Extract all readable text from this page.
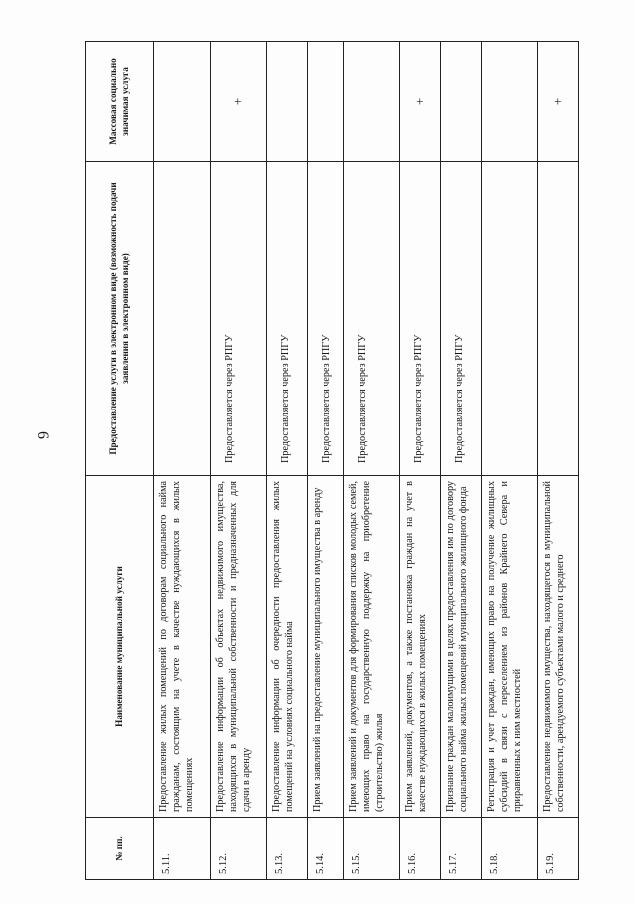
6
№ пп.	Наименование муниципальной услуги	Предоставление услуги в электронном виде (возможность подачи заявления в электронном виде)	Массовая социально значимая услуга
5.11.	Предоставление жилых помещений по договорам социального найма гражданам, состоящим на учете в качестве нуждающихся в жилых помещениях		
5.12.	Предоставление информации об объектах недвижимого имущества, находящихся в муниципальной собственности и предназначенных для сдачи в аренду	Предоставляется через РПГУ	+
5.13.	Предоставление информации об очередности предоставления жилых помещений на условиях социального найма	Предоставляется через РПГУ	
5.14.	Прием заявлений на предоставление муниципального имущества в аренду	Предоставляется через РПГУ	
5.15.	Прием заявлений и документов для формирования списков молодых семей, имеющих право на государственную поддержку на приобретение (строительство) жилья	Предоставляется через РПГУ	
5.16.	Прием заявлений, документов, а также постановка граждан на учет в качестве нуждающихся в жилых помещениях	Предоставляется через РПГУ	+
5.17.	Признание граждан малоимущими в целях предоставления им по договору социального найма жилых помещений муниципального жилищного фонда	Предоставляется через РПГУ	
5.18.	Регистрация и учет граждан, имеющих право на получение жилищных субсидий в связи с переселением из районов Крайнего Севера и приравненных к ним местностей		
5.19.	Предоставление недвижимого имущества, находящегося в муниципальной собственности, арендуемого субъектами малого и среднего		+
